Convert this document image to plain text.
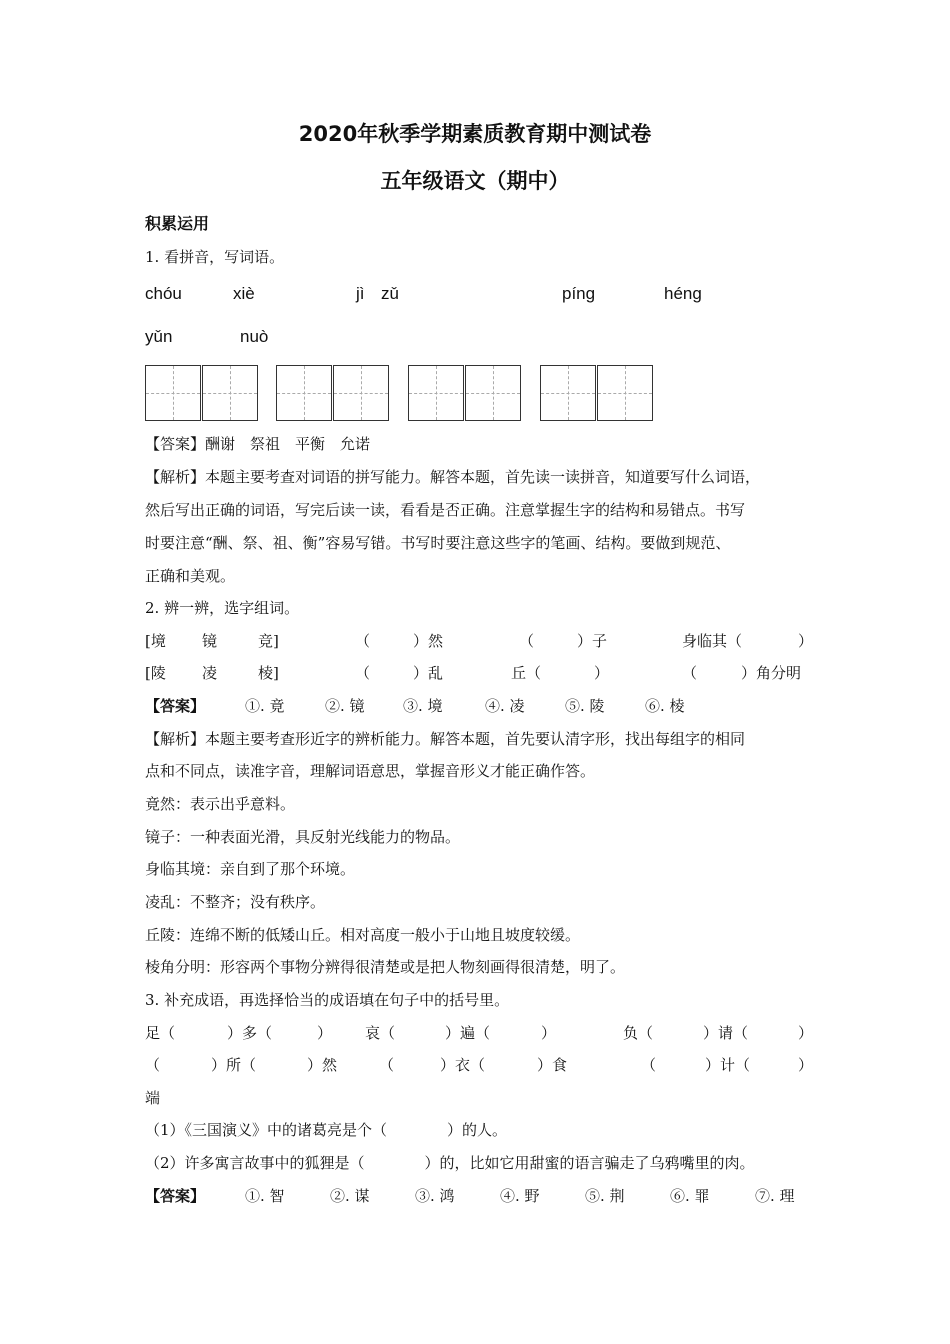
2020年秋季学期素质教育期中测试卷
五年级语文（期中）
积累运用
1. 看拼音，写词语。
chóu	xiè	jì zǔ	píng	héng
yǔn	nuò
【答案】酬谢　祭祖　平衡　允诺
【解析】本题主要考查对词语的拼写能力。解答本题，首先读一读拼音，知道要写什么词语，
然后写出正确的词语，写完后读一读，看看是否正确。注意掌握生字的结构和易错点。书写
时要注意“酬、祭、祖、衡”容易写错。书写时要注意这些字的笔画、结构。要做到规范、
正确和美观。
2. 辨一辨，选字组词。
[境 镜	竞]	（	）然	（	）子	身临其（	）
[陵 凌	棱]	（	）乱	丘（	）	（	）角分明
【答案】	①. 竟	②. 镜	③. 境	④. 凌	⑤. 陵	⑥. 棱
【解析】本题主要考查形近字的辨析能力。解答本题，首先要认清字形，找出每组字的相同
点和不同点，读准字音，理解词语意思，掌握音形义才能正确作答。
竟然：表示出乎意料。
镜子：一种表面光滑，具反射光线能力的物品。
身临其境：亲自到了那个环境。
凌乱：不整齐；没有秩序。
丘陵：连绵不断的低矮山丘。相对高度一般小于山地且坡度较缓。
棱角分明：形容两个事物分辨得很清楚或是把人物刻画得很清楚，明了。
3. 补充成语，再选择恰当的成语填在句子中的括号里。
足（	）多（	） 哀（	）遍（	）	负（	）请（	）
（	）所（	）然	（	）衣（	）食	（	）计（	）
端
（1）《三国演义》中的诸葛亮是个（　　　　）的人。
（2）许多寓言故事中的狐狸是（　　　　）的，比如它用甜蜜的语言骗走了乌鸦嘴里的肉。
【答案】	①. 智	②. 谋	③. 鸿	④. 野	⑤. 荆	⑥. 罪	⑦. 理
